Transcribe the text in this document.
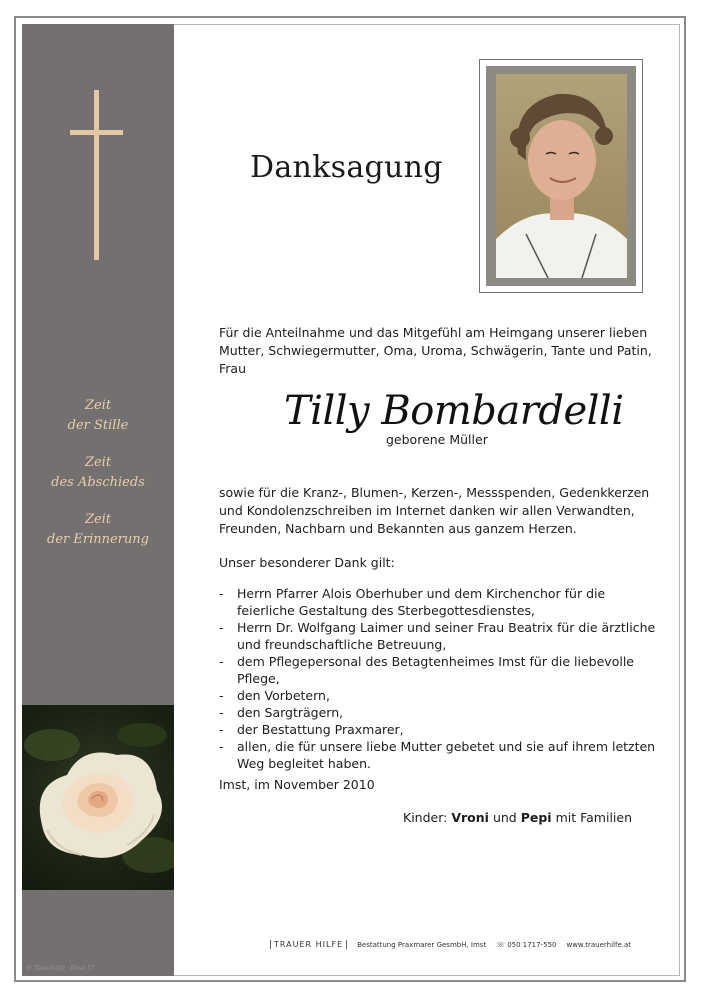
Zeit
der Stille
Zeit
des Abschieds
Zeit
der Erinnerung
© Tauerhilfe · Rose 57
Danksagung
Für die Anteilnahme und das Mitgefühl am Heimgang unserer lieben Mutter, Schwiegermutter, Oma, Uroma, Schwägerin, Tante und Patin, Frau
Tilly Bombardelli
geborene Müller
sowie für die Kranz-, Blumen-, Kerzen-, Messspenden, Gedenkkerzen und Kondolenzschreiben im Internet danken wir allen Verwandten, Freunden, Nachbarn und Bekannten aus ganzem Herzen.
Unser besonderer Dank gilt:
- Herrn Pfarrer Alois Oberhuber und dem Kirchenchor für die feierliche Gestaltung des Sterbegottesdienstes,
- Herrn Dr. Wolfgang Laimer und seiner Frau Beatrix für die ärztliche und freundschaftliche Betreuung,
- dem Pflegepersonal des Betagtenheimes Imst für die liebevolle Pflege,
- den Vorbetern,
- den Sargträgern,
- der Bestattung Praxmarer,
- allen, die für unsere liebe Mutter gebetet und sie auf ihrem letzten Weg begleitet haben.
Imst, im November 2010
Kinder: Vroni und Pepi mit Familien
TRAUER HILFE	Bestattung Praxmarer GesmbH, Imst ☏ 050 1717-550 www.trauerhilfe.at
